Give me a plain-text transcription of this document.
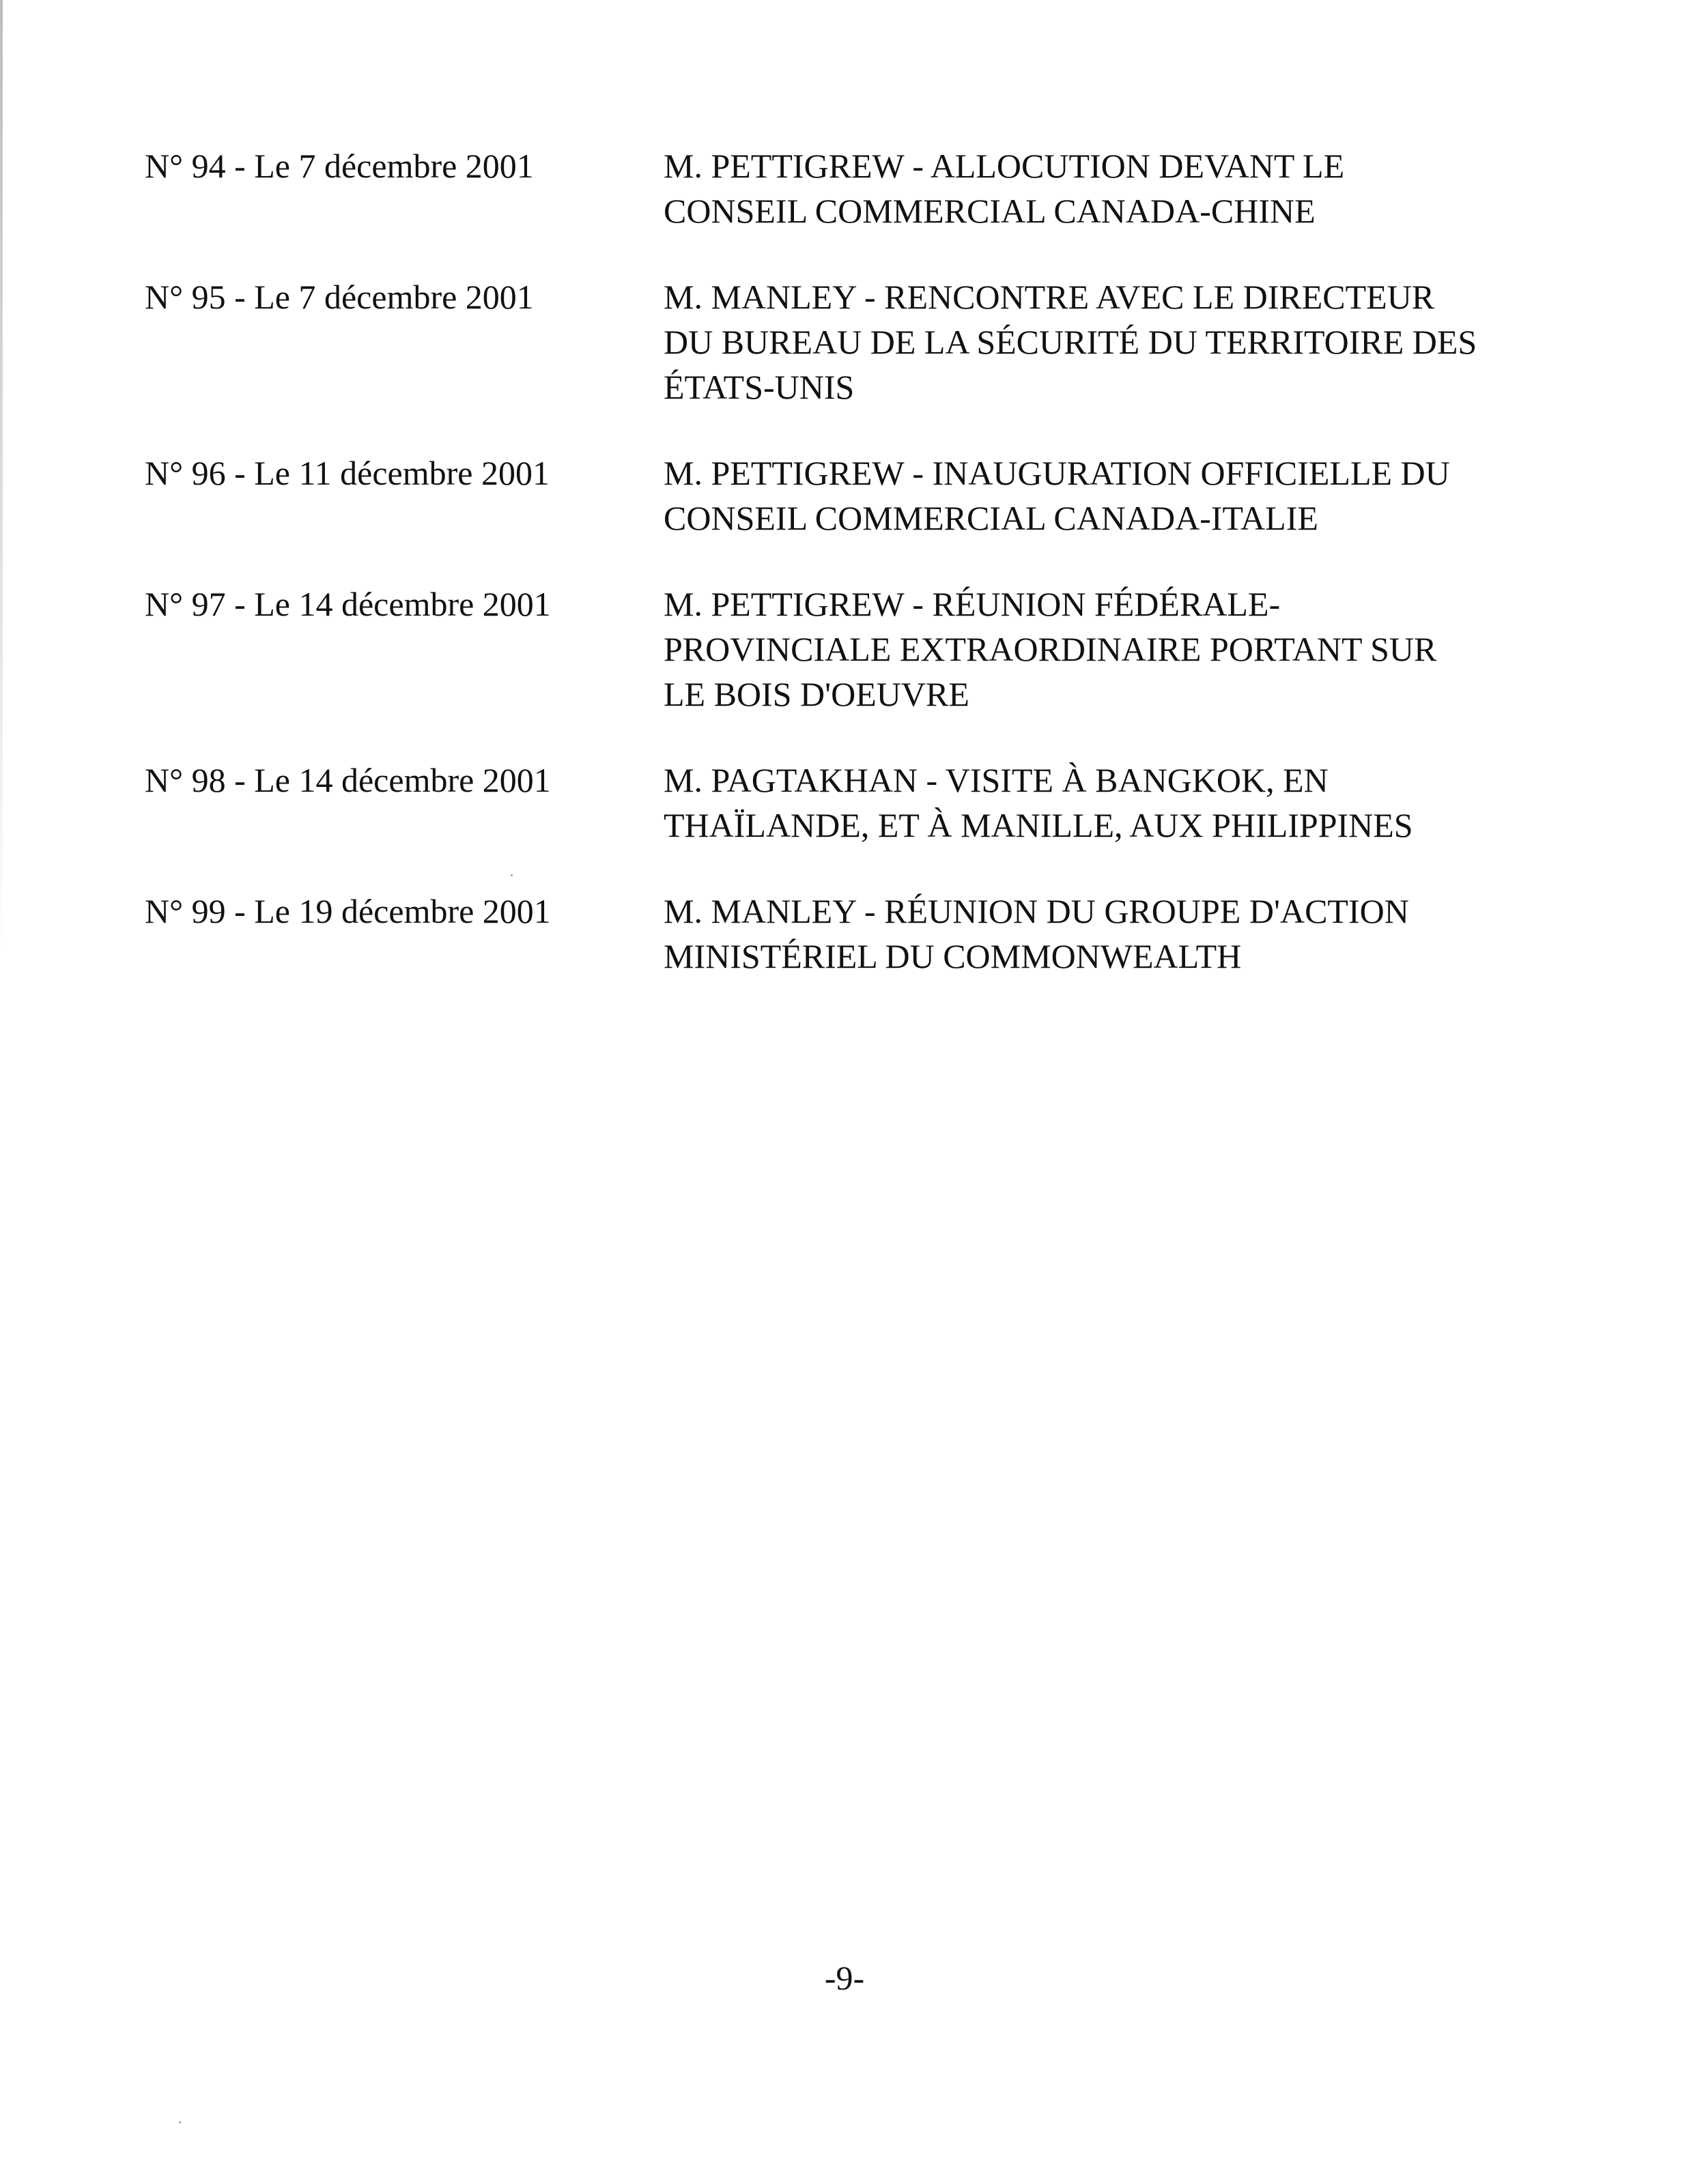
N° 94 - Le 7 décembre 2001	M. PETTIGREW - ALLOCUTION DEVANT LE
CONSEIL COMMERCIAL CANADA-CHINE
N° 95 - Le 7 décembre 2001	M. MANLEY - RENCONTRE AVEC LE DIRECTEUR
DU BUREAU DE LA SÉCURITÉ DU TERRITOIRE DES
ÉTATS-UNIS
N° 96 - Le 11 décembre 2001	M. PETTIGREW - INAUGURATION OFFICIELLE DU
CONSEIL COMMERCIAL CANADA-ITALIE
N° 97 - Le 14 décembre 2001	M. PETTIGREW - RÉUNION FÉDÉRALE-
PROVINCIALE EXTRAORDINAIRE PORTANT SUR
LE BOIS D'OEUVRE
N° 98 - Le 14 décembre 2001	M. PAGTAKHAN - VISITE À BANGKOK, EN
THAÏLANDE, ET À MANILLE, AUX PHILIPPINES
N° 99 - Le 19 décembre 2001	M. MANLEY - RÉUNION DU GROUPE D'ACTION
MINISTÉRIEL DU COMMONWEALTH
-9-
